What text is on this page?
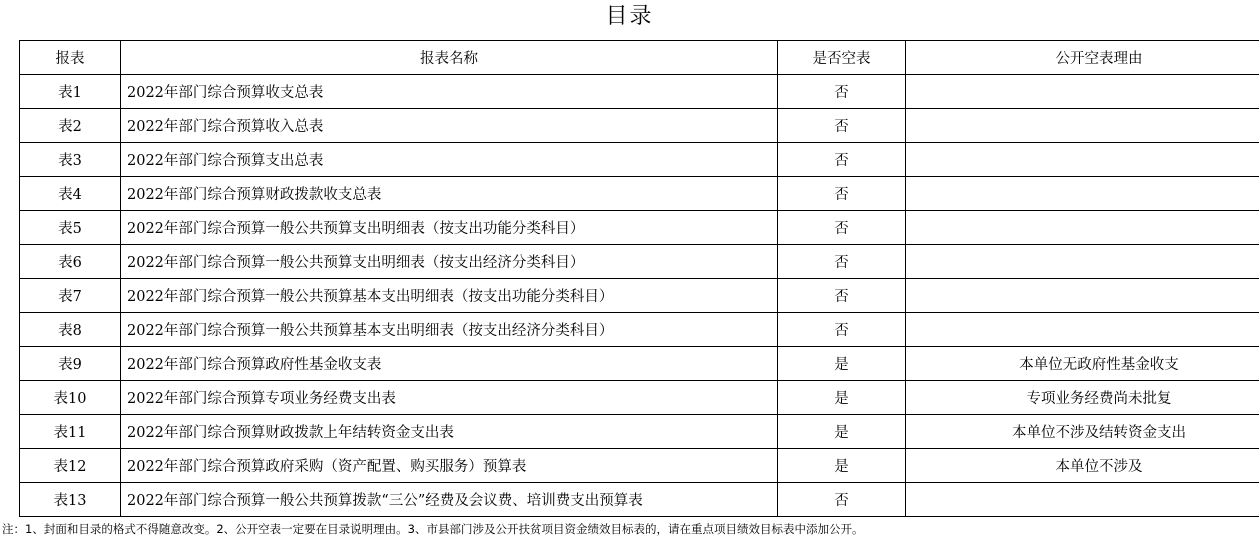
目录
报表	报表名称	是否空表	公开空表理由
表1	2022年部门综合预算收支总表	否	
表2	2022年部门综合预算收入总表	否	
表3	2022年部门综合预算支出总表	否	
表4	2022年部门综合预算财政拨款收支总表	否	
表5	2022年部门综合预算一般公共预算支出明细表（按支出功能分类科目）	否	
表6	2022年部门综合预算一般公共预算支出明细表（按支出经济分类科目）	否	
表7	2022年部门综合预算一般公共预算基本支出明细表（按支出功能分类科目）	否	
表8	2022年部门综合预算一般公共预算基本支出明细表（按支出经济分类科目）	否	
表9	2022年部门综合预算政府性基金收支表	是	本单位无政府性基金收支
表10	2022年部门综合预算专项业务经费支出表	是	专项业务经费尚未批复
表11	2022年部门综合预算财政拨款上年结转资金支出表	是	本单位不涉及结转资金支出
表12	2022年部门综合预算政府采购（资产配置、购买服务）预算表	是	本单位不涉及
表13	2022年部门综合预算一般公共预算拨款“三公”经费及会议费、培训费支出预算表	否	
注：1、封面和目录的格式不得随意改变。2、公开空表一定要在目录说明理由。3、市县部门涉及公开扶贫项目资金绩效目标表的，请在重点项目绩效目标表中添加公开。
